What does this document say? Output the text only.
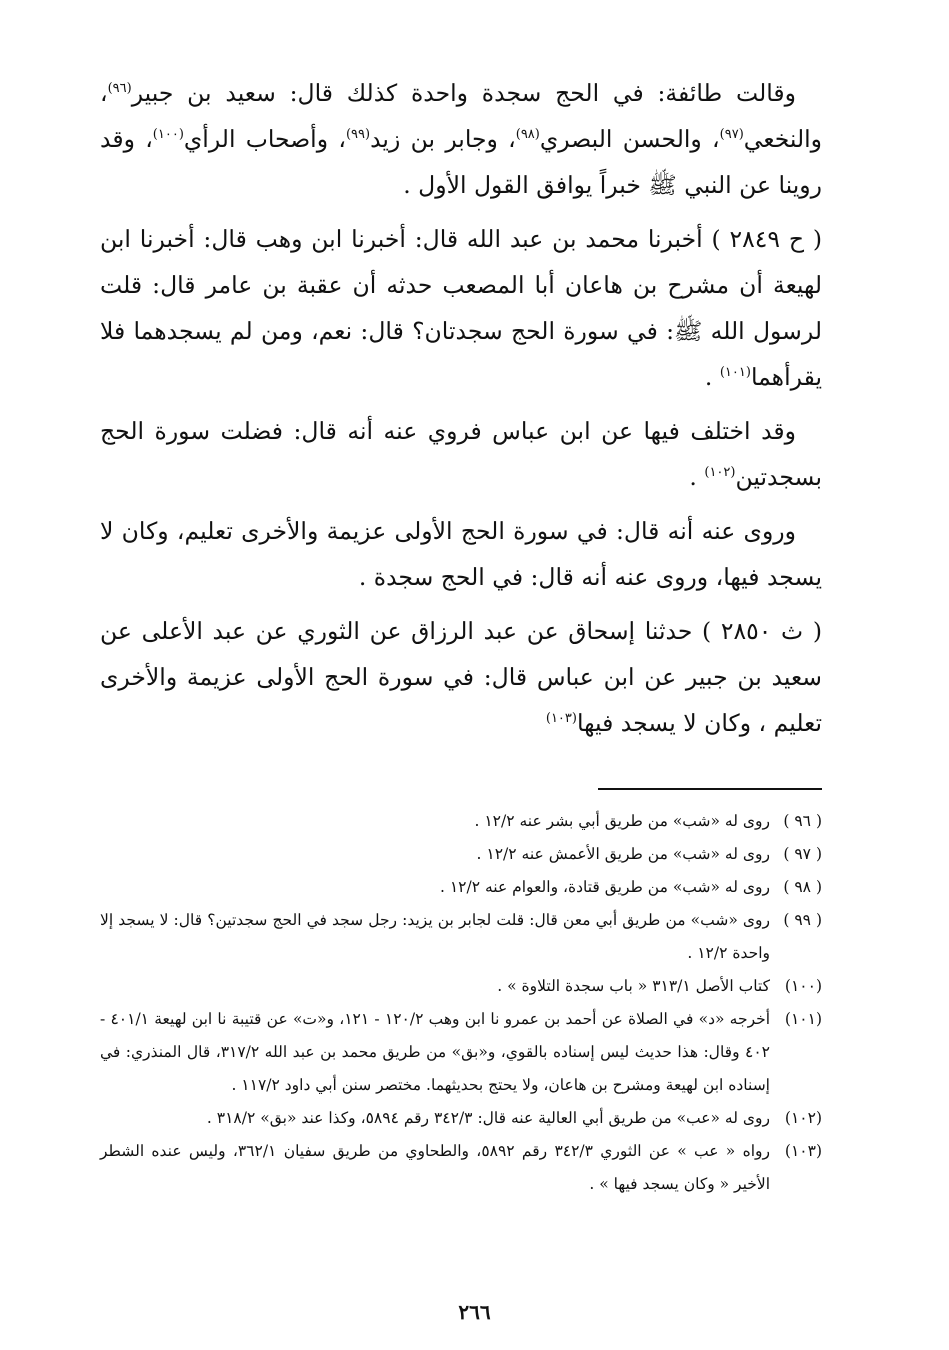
وقالت طائفة: في الحج سجدة واحدة كذلك قال: سعيد بن جبير$^{(٩٦)}$، والنخعي$^{(٩٧)}$، والحسن البصري$^{(٩٨)}$، وجابر بن زيد$^{(٩٩)}$، وأصحاب الرأي$^{(١٠٠)}$، وقد روينا عن النبي ﷺ خبراً يوافق القول الأول .

( ح ٢٨٤٩ ) أخبرنا محمد بن عبد الله قال: أخبرنا ابن وهب قال: أخبرنا ابن لهيعة أن مشرح بن هاعان أبا المصعب حدثه أن عقبة بن عامر قال: قلت لرسول الله ﷺ: في سورة الحج سجدتان؟ قال: نعم، ومن لم يسجدهما فلا يقرأهما$^{(١٠١)}$ .

وقد اختلف فيها عن ابن عباس فروي عنه أنه قال: فضلت سورة الحج بسجدتين$^{(١٠٢)}$ .

وروى عنه أنه قال: في سورة الحج الأولى عزيمة والأخرى تعليم، وكان لا يسجد فيها، وروى عنه أنه قال: في الحج سجدة .

( ث ٢٨٥٠ ) حدثنا إسحاق عن عبد الرزاق عن الثوري عن عبد الأعلى عن سعيد بن جبير عن ابن عباس قال: في سورة الحج الأولى عزيمة والأخرى تعليم ، وكان لا يسجد فيها$^{(١٠٣)}$

( ٩٦ )
روى له «شب» من طريق أبي بشر عنه ١٢/٢ .
( ٩٧ )
روى له «شب» من طريق الأعمش عنه ١٢/٢ .
( ٩٨ )
روى له «شب» من طريق قتادة، والعوام عنه ١٢/٢ .
( ٩٩ )
روى «شب» من طريق أبي معن قال: قلت لجابر بن يزيد: رجل سجد في الحج سجدتين؟ قال: لا يسجد إلا واحدة ١٢/٢ .
(١٠٠)
كتاب الأصل ٣١٣/١ « باب سجدة التلاوة » .
(١٠١)
أخرجه «د» في الصلاة عن أحمد بن عمرو نا ابن وهب ١٢٠/٢ - ١٢١، و«ت» عن قتيبة نا ابن لهيعة ٤٠١/١ - ٤٠٢ وقال: هذا حديث ليس إسناده بالقوي، و«بق» من طريق محمد بن عبد الله ٣١٧/٢، قال المنذري: في إسناده ابن لهيعة ومشرح بن هاعان، ولا يحتج بحديثهما. مختصر سنن أبي داود ١١٧/٢ .
(١٠٢)
روى له «عب» من طريق أبي العالية عنه قال: ٣٤٢/٣ رقم ٥٨٩٤، وكذا عند «بق» ٣١٨/٢ .
(١٠٣)
رواه « عب » عن الثوري ٣٤٢/٣ رقم ٥٨٩٢، والطحاوي من طريق سفيان ٣٦٢/١، وليس عنده الشطر الأخير « وكان يسجد فيها » .
٢٦٦
